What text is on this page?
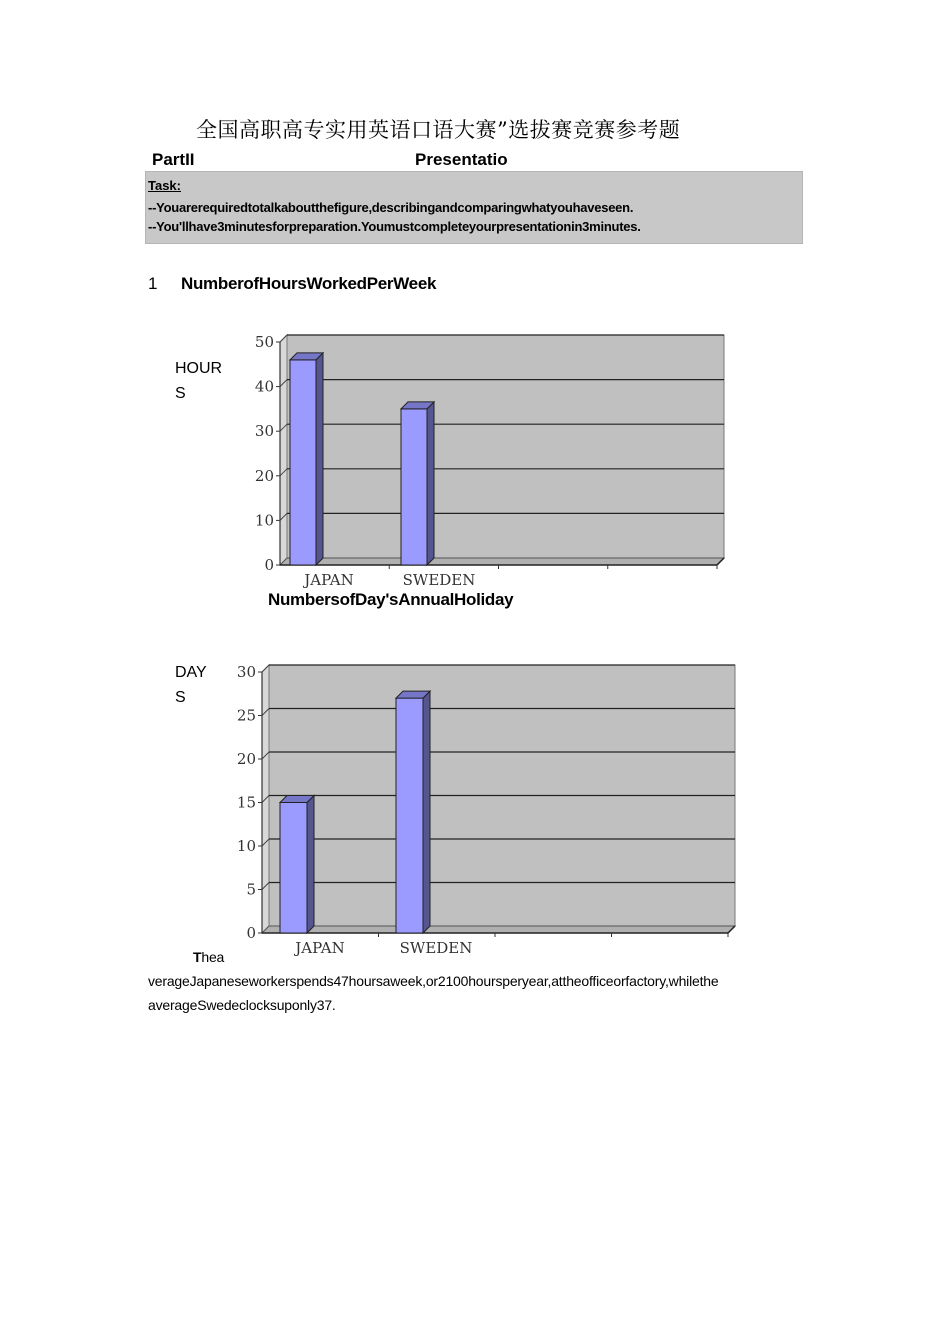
全国高职高专实用英语口语大赛”选拔赛竞赛参考题
PartII	Presentatio
Task:
--Youarerequiredtotalkaboutthefigure,describingandcomparingwhatyouhaveseen.
--You'llhave3minutesforpreparation.Youmustcompleteyourpresentationin3minutes.
1 NumberofHoursWorkedPerWeek
HOUR
S
0
10
20
30
40
50
JAPAN	SWEDEN
NumbersofDay'sAnnualHoliday
DAY
S
0
5
10
15
20
25
30
JAPAN	SWEDEN
Thea
verageJapaneseworkerspends47hoursaweek,or2100hoursperyear,attheofficeorfactory,whilethe
averageSwedeclocksuponly37.
